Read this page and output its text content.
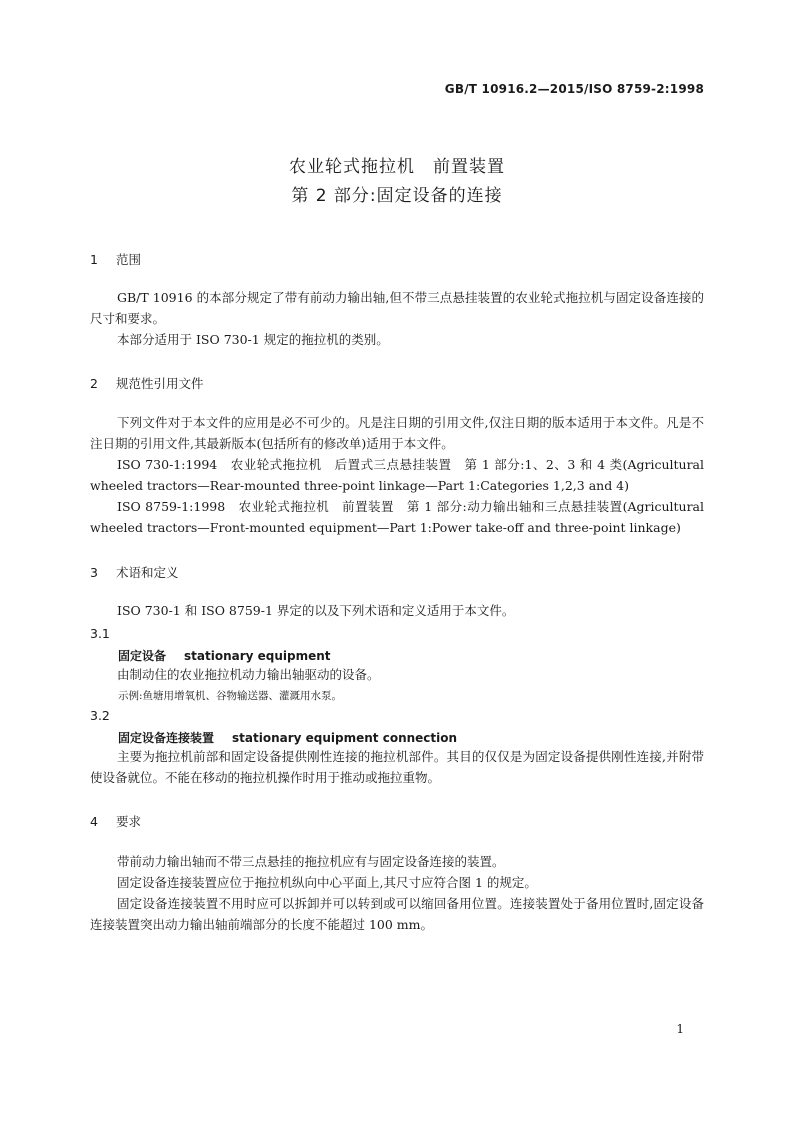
GB/T 10916.2—2015/ISO 8759-2:1998
农业轮式拖拉机　前置装置
第 2 部分:固定设备的连接
1 范围
GB/T 10916 的本部分规定了带有前动力输出轴,但不带三点悬挂装置的农业轮式拖拉机与固定设备连接的尺寸和要求。
本部分适用于 ISO 730-1 规定的拖拉机的类别。
2 规范性引用文件
下列文件对于本文件的应用是必不可少的。凡是注日期的引用文件,仅注日期的版本适用于本文件。凡是不注日期的引用文件,其最新版本(包括所有的修改单)适用于本文件。
ISO 730-1:1994　农业轮式拖拉机　后置式三点悬挂装置　第 1 部分:1、2、3 和 4 类(Agricultural wheeled tractors—Rear-mounted three-point linkage—Part 1:Categories 1,2,3 and 4)
ISO 8759-1:1998　农业轮式拖拉机　前置装置　第 1 部分:动力输出轴和三点悬挂装置(Agricultural wheeled tractors—Front-mounted equipment—Part 1:Power take-off and three-point linkage)
3 术语和定义
ISO 730-1 和 ISO 8759-1 界定的以及下列术语和定义适用于本文件。
3.1
固定设备 stationary equipment
由制动住的农业拖拉机动力输出轴驱动的设备。
示例:鱼塘用增氧机、谷物输送器、灌溉用水泵。
3.2
固定设备连接装置 stationary equipment connection
主要为拖拉机前部和固定设备提供刚性连接的拖拉机部件。其目的仅仅是为固定设备提供刚性连接,并附带使设备就位。不能在移动的拖拉机操作时用于推动或拖拉重物。
4 要求
带前动力输出轴而不带三点悬挂的拖拉机应有与固定设备连接的装置。
固定设备连接装置应位于拖拉机纵向中心平面上,其尺寸应符合图 1 的规定。
固定设备连接装置不用时应可以拆卸并可以转到或可以缩回备用位置。连接装置处于备用位置时,固定设备连接装置突出动力输出轴前端部分的长度不能超过 100 mm。
1
